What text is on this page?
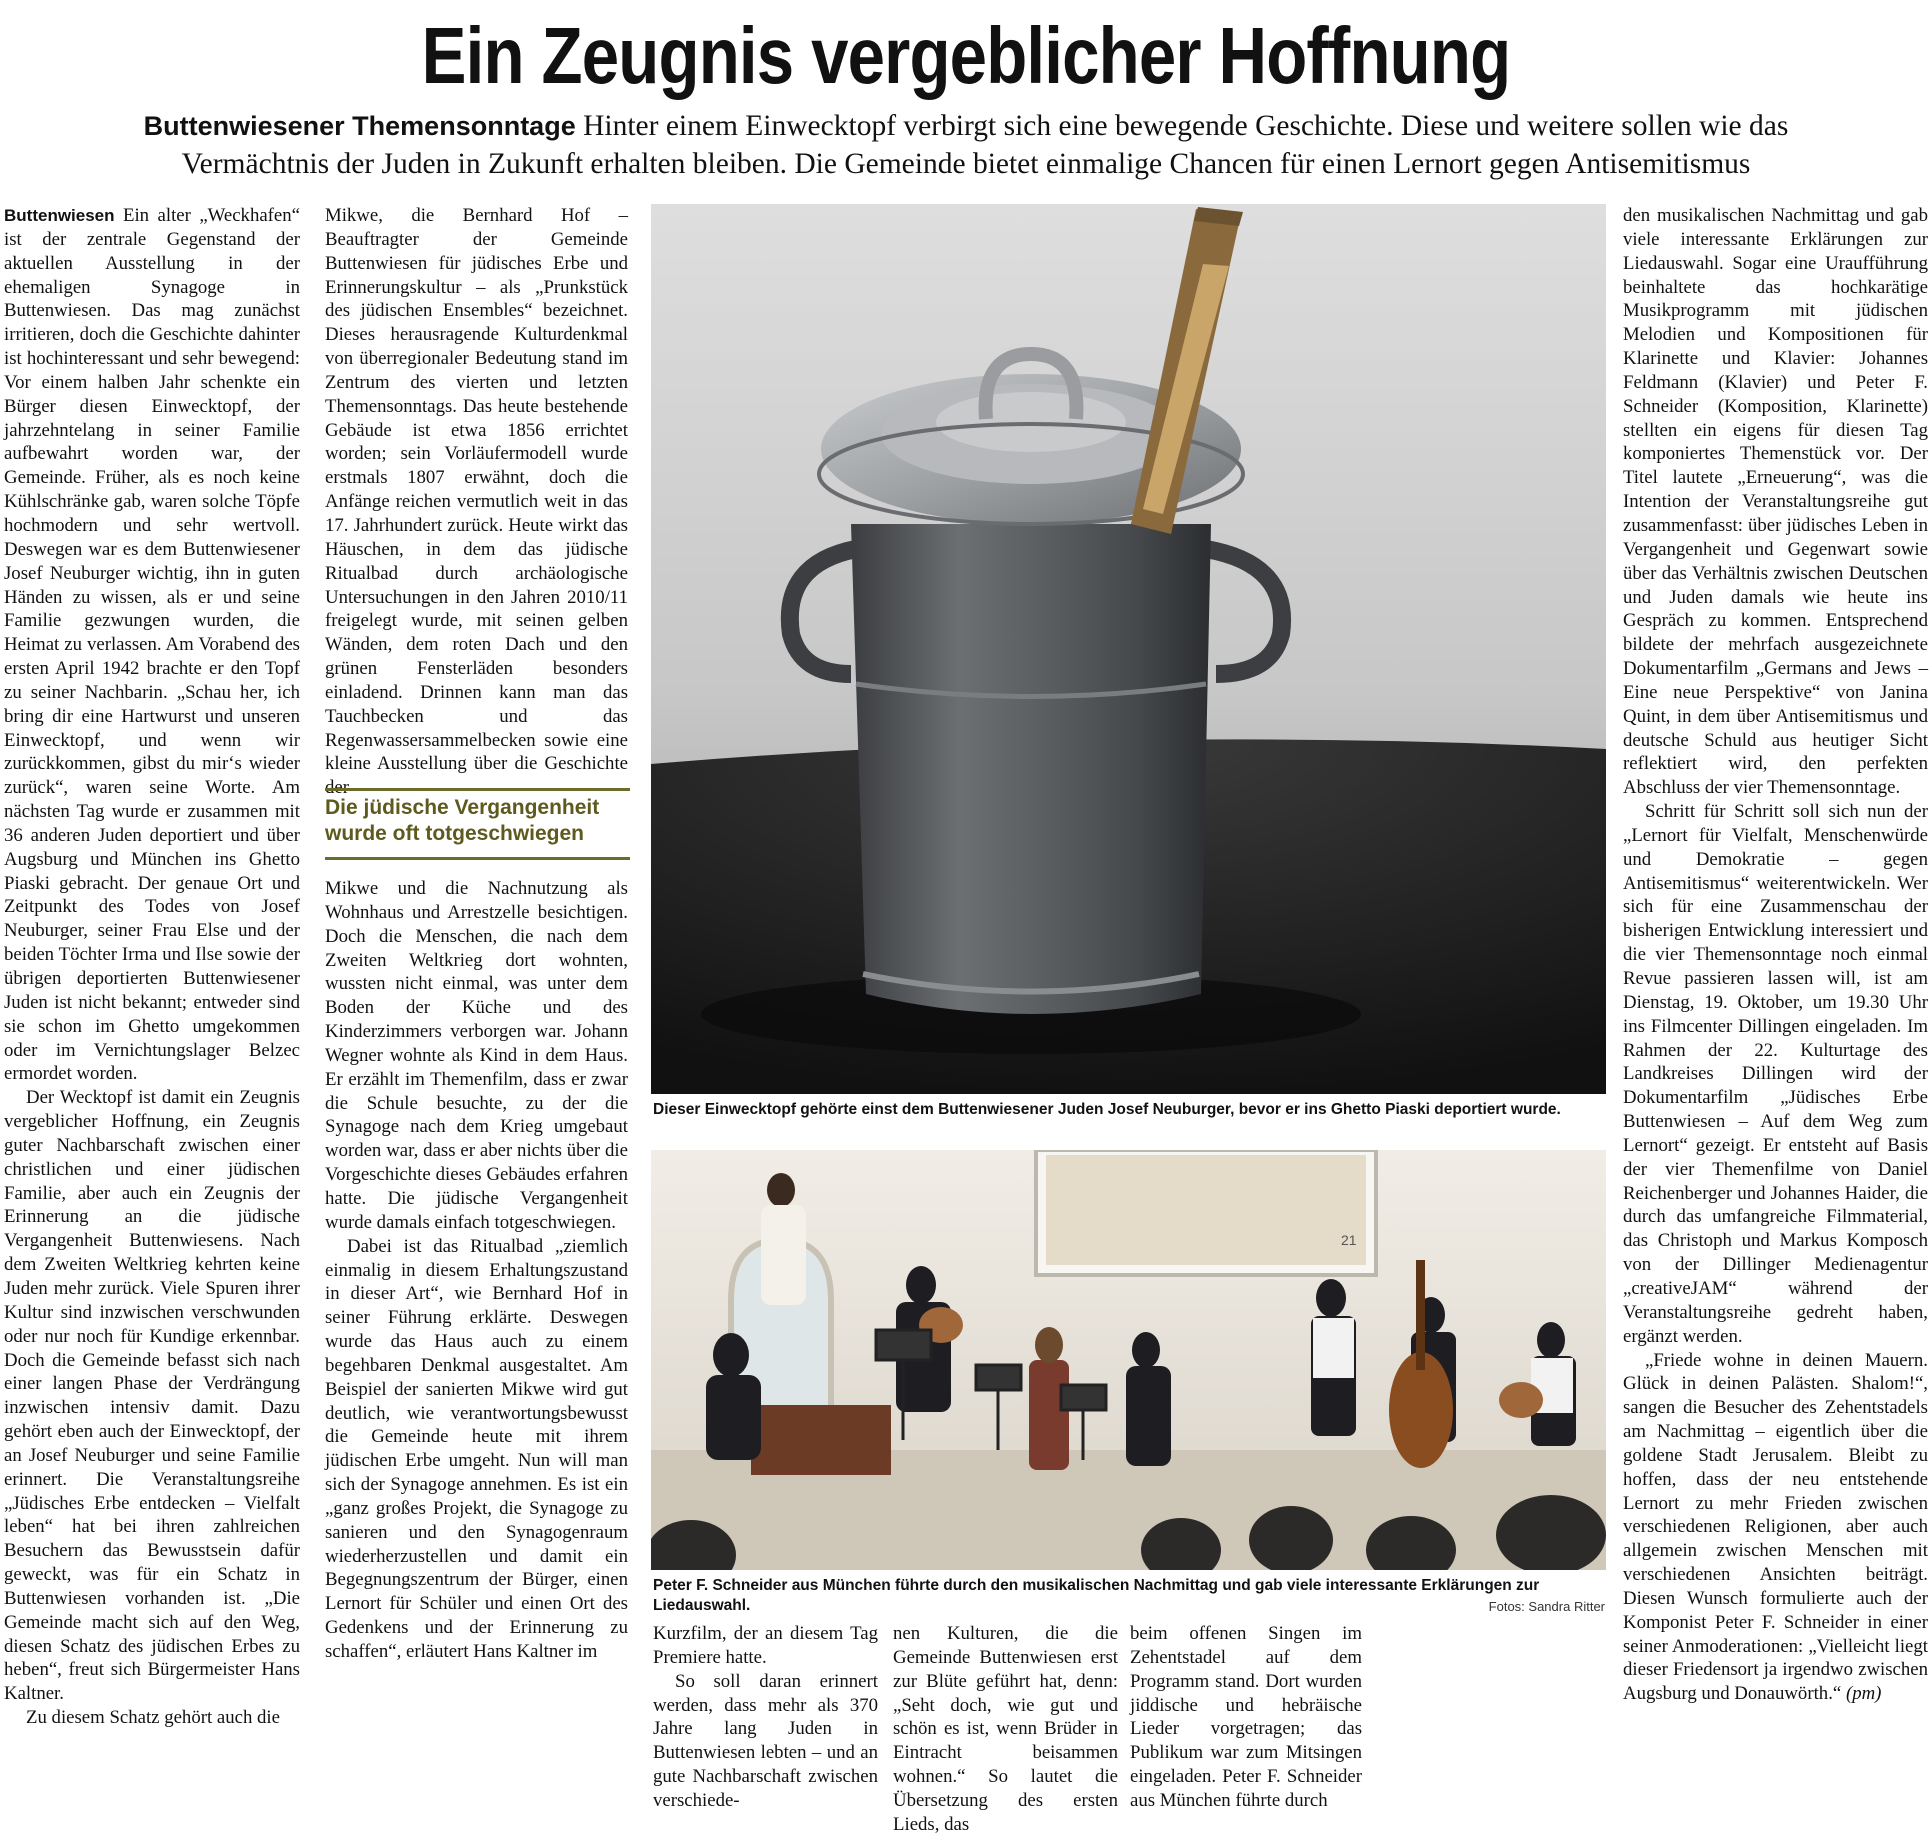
Ein Zeugnis vergeblicher Hoffnung
Buttenwiesener Themensonntage Hinter einem Einwecktopf verbirgt sich eine bewegende Geschichte. Diese und weitere sollen wie das
Vermächtnis der Juden in Zukunft erhalten bleiben. Die Gemeinde bietet einmalige Chancen für einen Lernort gegen Antisemitismus

Buttenwiesen Ein alter „Weckhafen“ ist der zentrale Gegenstand der aktuellen Ausstellung in der ehemaligen Synagoge in Buttenwiesen. Das mag zunächst irritieren, doch die Geschichte dahinter ist hochinteressant und sehr bewegend: Vor einem halben Jahr schenkte ein Bürger diesen Einwecktopf, der jahrzehntelang in seiner Familie aufbewahrt worden war, der Gemeinde. Früher, als es noch keine Kühlschränke gab, waren solche Töpfe hochmodern und sehr wertvoll. Deswegen war es dem Buttenwiesener Josef Neuburger wichtig, ihn in guten Händen zu wissen, als er und seine Familie gezwungen wurden, die Heimat zu verlassen. Am Vorabend des ersten April 1942 brachte er den Topf zu seiner Nachbarin. „Schau her, ich bring dir eine Hartwurst und unseren Einwecktopf, und wenn wir zurückkommen, gibst du mir‘s wieder zurück“, waren seine Worte. Am nächsten Tag wurde er zusammen mit 36 anderen Juden deportiert und über Augsburg und München ins Ghetto Piaski gebracht. Der genaue Ort und Zeitpunkt des Todes von Josef Neuburger, seiner Frau Else und der beiden Töchter Irma und Ilse sowie der übrigen deportierten Buttenwiesener Juden ist nicht bekannt; entweder sind sie schon im Ghetto umgekommen oder im Vernichtungslager Belzec ermordet worden.

Der Wecktopf ist damit ein Zeugnis vergeblicher Hoffnung, ein Zeugnis guter Nachbarschaft zwischen einer christlichen und einer jüdischen Familie, aber auch ein Zeugnis der Erinnerung an die jüdische Vergangenheit Buttenwiesens. Nach dem Zweiten Weltkrieg kehrten keine Juden mehr zurück. Viele Spuren ihrer Kultur sind inzwischen verschwunden oder nur noch für Kundige erkennbar. Doch die Gemeinde befasst sich nach einer langen Phase der Verdrängung inzwischen intensiv damit. Dazu gehört eben auch der Einwecktopf, der an Josef Neuburger und seine Familie erinnert. Die Veranstaltungsreihe „Jüdisches Erbe entdecken – Vielfalt leben“ hat bei ihren zahlreichen Besuchern das Bewusstsein dafür geweckt, was für ein Schatz in Buttenwiesen vorhanden ist. „Die Gemeinde macht sich auf den Weg, diesen Schatz des jüdischen Erbes zu heben“, freut sich Bürgermeister Hans Kaltner.

Zu diesem Schatz gehört auch die

Mikwe, die Bernhard Hof – Beauftragter der Gemeinde Buttenwiesen für jüdisches Erbe und Erinnerungskultur – als „Prunkstück des jüdischen Ensembles“ bezeichnet. Dieses herausragende Kulturdenkmal von überregionaler Bedeutung stand im Zentrum des vierten und letzten Themensonntags. Das heute bestehende Gebäude ist etwa 1856 errichtet worden; sein Vorläufermodell wurde erstmals 1807 erwähnt, doch die Anfänge reichen vermutlich weit in das 17. Jahrhundert zurück. Heute wirkt das Häuschen, in dem das jüdische Ritualbad durch archäologische Untersuchungen in den Jahren 2010/11 freigelegt wurde, mit seinen gelben Wänden, dem roten Dach und den grünen Fensterläden besonders einladend. Drinnen kann man das Tauchbecken und das Regenwassersammelbecken sowie eine kleine Ausstellung über die Geschichte der

Die jüdische Vergangenheit
wurde oft totgeschwiegen

Mikwe und die Nachnutzung als Wohnhaus und Arrestzelle besichtigen. Doch die Menschen, die nach dem Zweiten Weltkrieg dort wohnten, wussten nicht einmal, was unter dem Boden der Küche und des Kinderzimmers verborgen war. Johann Wegner wohnte als Kind in dem Haus. Er erzählt im Themenfilm, dass er zwar die Schule besuchte, zu der die Synagoge nach dem Krieg umgebaut worden war, dass er aber nichts über die Vorgeschichte dieses Gebäudes erfahren hatte. Die jüdische Vergangenheit wurde damals einfach totgeschwiegen.

Dabei ist das Ritualbad „ziemlich einmalig in diesem Erhaltungszustand in dieser Art“, wie Bernhard Hof in seiner Führung erklärte. Deswegen wurde das Haus auch zu einem begehbaren Denkmal ausgestaltet. Am Beispiel der sanierten Mikwe wird gut deutlich, wie verantwortungsbewusst die Gemeinde heute mit ihrem jüdischen Erbe umgeht. Nun will man sich der Synagoge annehmen. Es ist ein „ganz großes Projekt, die Synagoge zu sanieren und den Synagogenraum wiederherzustellen und damit ein Begegnungszentrum der Bürger, einen Lernort für Schüler und einen Ort des Gedenkens und der Erinnerung zu schaffen“, erläutert Hans Kaltner im

Dieser Einwecktopf gehörte einst dem Buttenwiesener Juden Josef Neuburger, bevor er ins Ghetto Piaski deportiert wurde.
21
Peter F. Schneider aus München führte durch den musikalischen Nachmittag und gab viele interessante Erklärungen zur Liedauswahl.	Fotos: Sandra Ritter

Kurzfilm, der an diesem Tag Premiere hatte.

So soll daran erinnert werden, dass mehr als 370 Jahre lang Juden in Buttenwiesen lebten – und an gute Nachbarschaft zwischen verschiede-

nen Kulturen, die die Gemeinde Buttenwiesen erst zur Blüte geführt hat, denn: „Seht doch, wie gut und schön es ist, wenn Brüder in Eintracht beisammen wohnen.“ So lautet die Übersetzung des ersten Lieds, das

beim offenen Singen im Zehentstadel auf dem Programm stand. Dort wurden jiddische und hebräische Lieder vorgetragen; das Publikum war zum Mitsingen eingeladen. Peter F. Schneider aus München führte durch

den musikalischen Nachmittag und gab viele interessante Erklärungen zur Liedauswahl. Sogar eine Uraufführung beinhaltete das hochkarätige Musikprogramm mit jüdischen Melodien und Kompositionen für Klarinette und Klavier: Johannes Feldmann (Klavier) und Peter F. Schneider (Komposition, Klarinette) stellten ein eigens für diesen Tag komponiertes Themenstück vor. Der Titel lautete „Erneuerung“, was die Intention der Veranstaltungsreihe gut zusammenfasst: über jüdisches Leben in Vergangenheit und Gegenwart sowie über das Verhältnis zwischen Deutschen und Juden damals wie heute ins Gespräch zu kommen. Entsprechend bildete der mehrfach ausgezeichnete Dokumentarfilm „Germans and Jews – Eine neue Perspektive“ von Janina Quint, in dem über Antisemitismus und deutsche Schuld aus heutiger Sicht reflektiert wird, den perfekten Abschluss der vier Themensonntage.

Schritt für Schritt soll sich nun der „Lernort für Vielfalt, Menschenwürde und Demokratie – gegen Antisemitismus“ weiterentwickeln. Wer sich für eine Zusammenschau der bisherigen Entwicklung interessiert und die vier Themensonntage noch einmal Revue passieren lassen will, ist am Dienstag, 19. Oktober, um 19.30 Uhr ins Filmcenter Dillingen eingeladen. Im Rahmen der 22. Kulturtage des Landkreises Dillingen wird der Dokumentarfilm „Jüdisches Erbe Buttenwiesen – Auf dem Weg zum Lernort“ gezeigt. Er entsteht auf Basis der vier Themenfilme von Daniel Reichenberger und Johannes Haider, die durch das umfangreiche Filmmaterial, das Christoph und Markus Komposch von der Dillinger Medienagentur „creativeJAM“ während der Veranstaltungsreihe gedreht haben, ergänzt werden.

„Friede wohne in deinen Mauern. Glück in deinen Palästen. Shalom!“, sangen die Besucher des Zehentstadels am Nachmittag – eigentlich über die goldene Stadt Jerusalem. Bleibt zu hoffen, dass der neu entstehende Lernort zu mehr Frieden zwischen verschiedenen Religionen, aber auch allgemein zwischen Menschen mit verschiedenen Ansichten beiträgt. Diesen Wunsch formulierte auch der Komponist Peter F. Schneider in einer seiner Anmoderationen: „Vielleicht liegt dieser Friedensort ja irgendwo zwischen Augsburg und Donauwörth.“ (pm)
